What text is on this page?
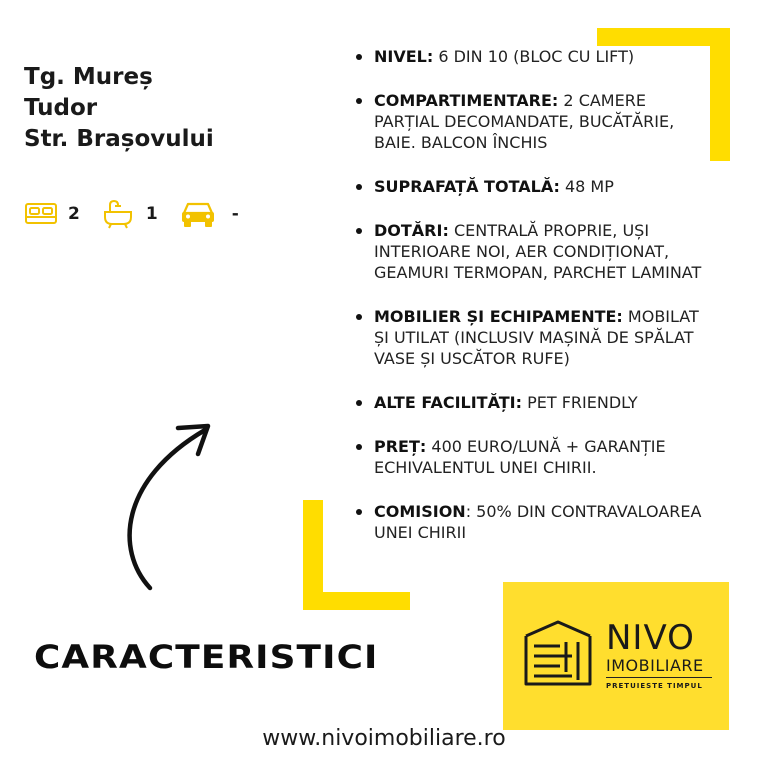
Tg. Mureș
Tudor
Str. Brașovului
2	1	-
NIVEL: 6 DIN 10 (BLOC CU LIFT)
COMPARTIMENTARE: 2 CAMERE PARȚIAL DECOMANDATE, BUCĂTĂRIE, BAIE. BALCON ÎNCHIS
SUPRAFAȚĂ TOTALĂ: 48 MP
DOTĂRI: CENTRALĂ PROPRIE, UȘI INTERIOARE NOI, AER CONDIȚIONAT, GEAMURI TERMOPAN, PARCHET LAMINAT
MOBILIER ȘI ECHIPAMENTE: MOBILAT ȘI UTILAT (INCLUSIV MAȘINĂ DE SPĂLAT VASE ȘI USCĂTOR RUFE)
ALTE FACILITĂȚI: PET FRIENDLY
PREȚ: 400 EURO/LUNĂ + GARANȚIE ECHIVALENTUL UNEI CHIRII.
COMISION: 50% DIN CONTRAVALOAREA UNEI CHIRII
NIVO
IMOBILIARE
PRETUIESTE TIMPUL
CARACTERISTICI
www.nivoimobiliare.ro
